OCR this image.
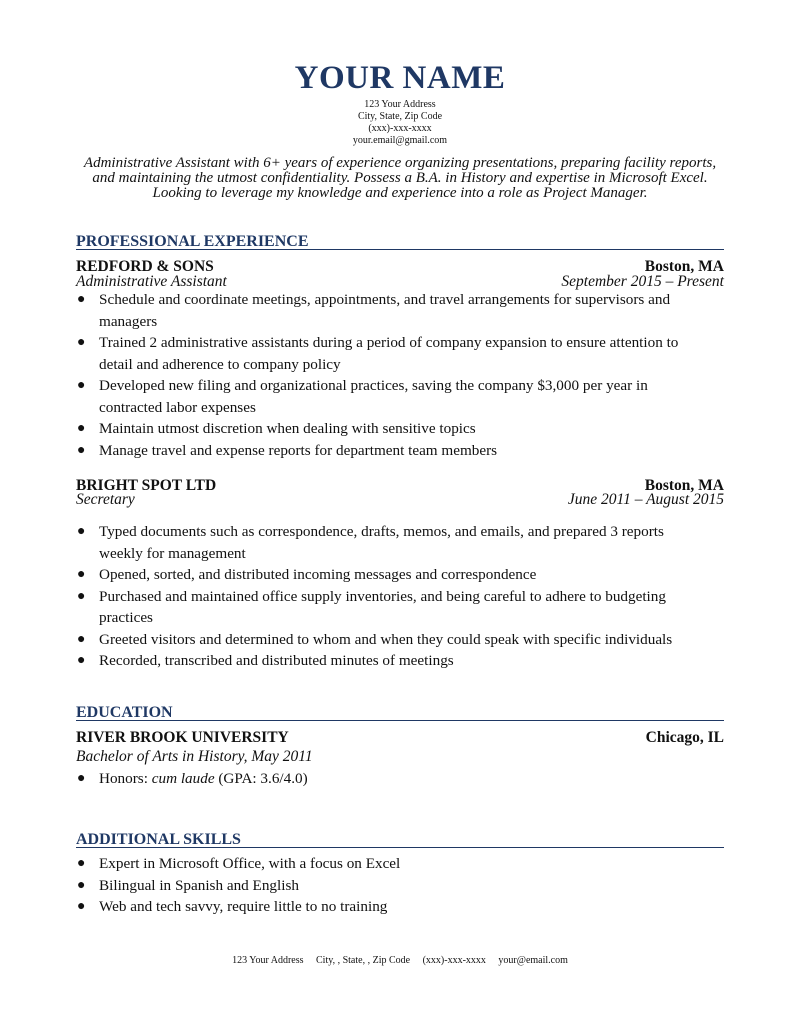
YOUR NAME
123 Your Address
City, State, Zip Code
(xxx)-xxx-xxxx
your.email@gmail.com
Administrative Assistant with 6+ years of experience organizing presentations, preparing facility reports, and maintaining the utmost confidentiality. Possess a B.A. in History and expertise in Microsoft Excel. Looking to leverage my knowledge and experience into a role as Project Manager.
PROFESSIONAL EXPERIENCE
REDFORD & SONS	Boston, MA
Administrative Assistant	September 2015 – Present
● Schedule and coordinate meetings, appointments, and travel arrangements for supervisors and managers
● Trained 2 administrative assistants during a period of company expansion to ensure attention to detail and adherence to company policy
● Developed new filing and organizational practices, saving the company $3,000 per year in contracted labor expenses
● Maintain utmost discretion when dealing with sensitive topics
● Manage travel and expense reports for department team members
BRIGHT SPOT LTD	Boston, MA
Secretary	June 2011 – August 2015
● Typed documents such as correspondence, drafts, memos, and emails, and prepared 3 reports weekly for management
● Opened, sorted, and distributed incoming messages and correspondence
● Purchased and maintained office supply inventories, and being careful to adhere to budgeting practices
● Greeted visitors and determined to whom and when they could speak with specific individuals
● Recorded, transcribed and distributed minutes of meetings
EDUCATION
RIVER BROOK UNIVERSITY	Chicago, IL
Bachelor of Arts in History, May 2011
● Honors: cum laude (GPA: 3.6/4.0)
ADDITIONAL SKILLS
● Expert in Microsoft Office, with a focus on Excel
● Bilingual in Spanish and English
● Web and tech savvy, require little to no training
123 Your Address City, , State, , Zip Code (xxx)-xxx-xxxx your@email.com
